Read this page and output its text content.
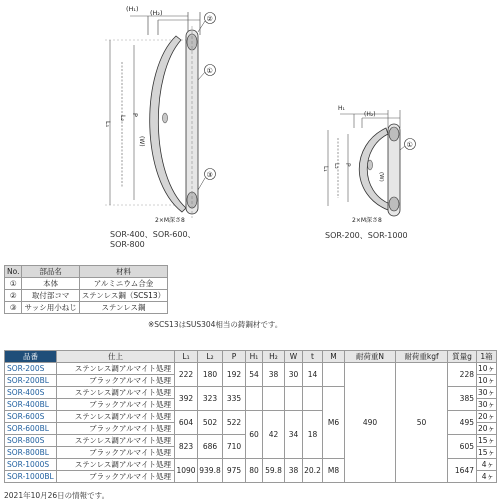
(H₁) (H₂)
L₁
L₂
P
(W)
②
①
③
2×M深さ8
SOR-400、SOR-600、
SOR-800
H₁
(H₂)
L₁
L₂ P
(W)
①
2×M深さ8
SOR-200、SOR-1000
No.	部品名	材料
①	本体	アルミニウム合金
②	取付部コマ	ステンレス鋼（SCS13）
③	サッシ用小ねじ	ステンレス鋼
※SCS13はSUS304相当の鋳鋼材です。
品番	仕上	L₁	L₂	P	H₁	H₂	W	t	M	耐荷重N	耐荷重kgf	質量g	1箱
SOR-200S	ステンレス調アルマイト処理	222	180	192	54	38	30	14		490	50	228	10ヶ
SOR-200BL	ブラックアルマイト処理												10ヶ
SOR-400S	ステンレス調アルマイト処理	392	323	335					M6			385	30ヶ
SOR-400BL	ブラックアルマイト処理												30ヶ
SOR-600S	ステンレス調アルマイト処理	604	502	522	60	42	34	18				495	20ヶ
SOR-600BL	ブラックアルマイト処理												20ヶ
SOR-800S	ステンレス調アルマイト処理	823	686	710								605	15ヶ
SOR-800BL	ブラックアルマイト処理												15ヶ
SOR-1000S	ステンレス調アルマイト処理	1090	939.8	975	80	59.8	38	20.2	M8			1647	4ヶ
SOR-1000BL	ブラックアルマイト処理												4ヶ
2021年10月26日の情報です。
